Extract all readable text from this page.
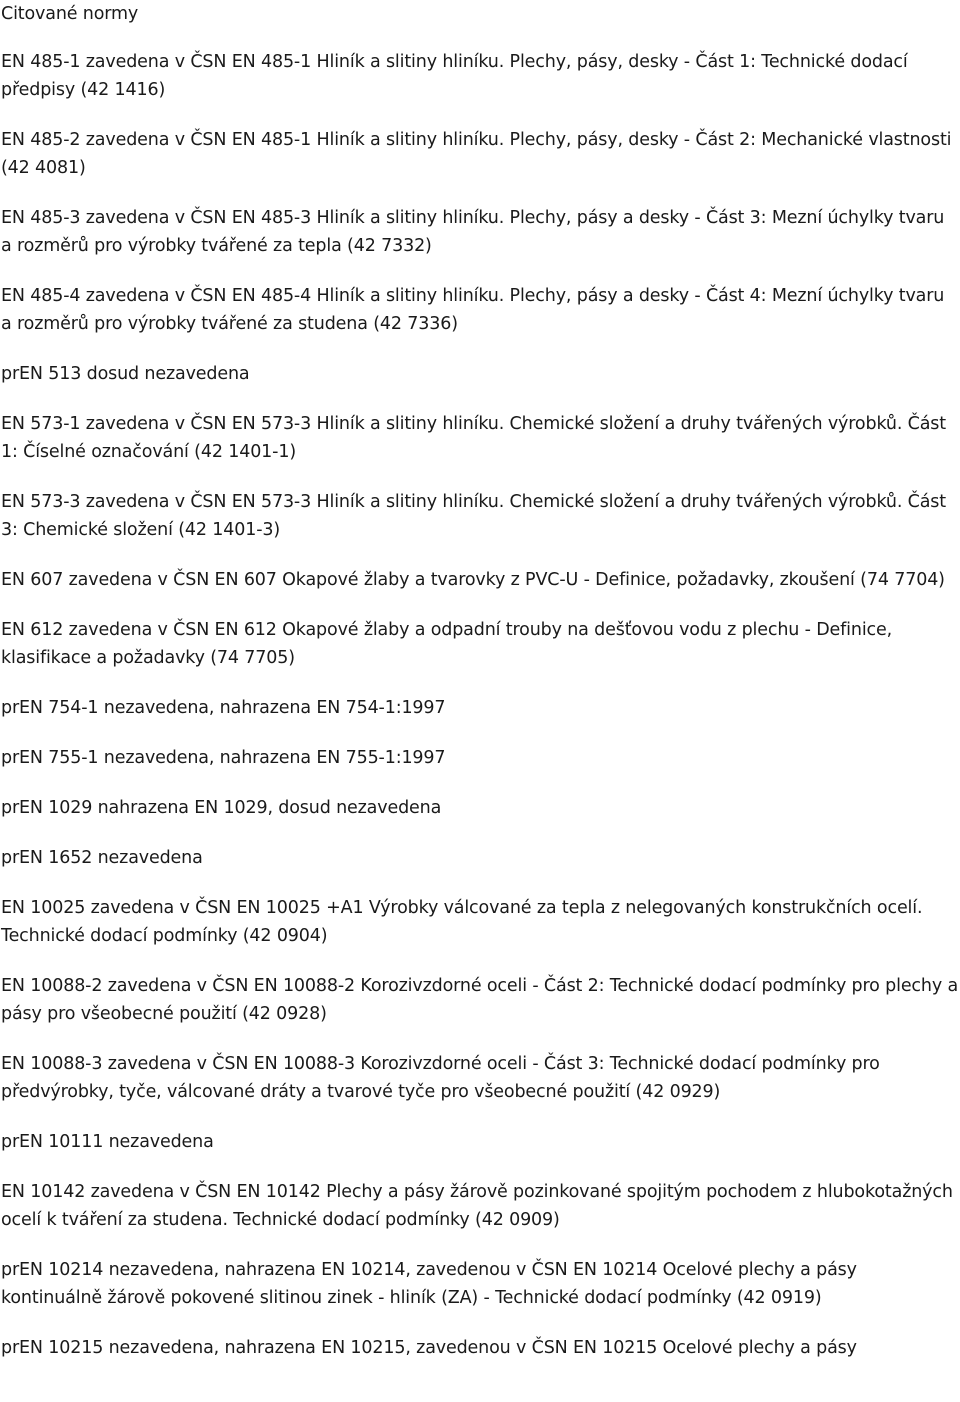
Citované normy
EN 485-1 zavedena v ČSN EN 485-1 Hliník a slitiny hliníku. Plechy, pásy, desky - Část 1: Technické dodací předpisy (42 1416)
EN 485-2 zavedena v ČSN EN 485-1 Hliník a slitiny hliníku. Plechy, pásy, desky - Část 2: Mechanické vlastnosti (42 4081)
EN 485-3 zavedena v ČSN EN 485-3 Hliník a slitiny hliníku. Plechy, pásy a desky - Část 3: Mezní úchylky tvaru a rozměrů pro výrobky tvářené za tepla (42 7332)
EN 485-4 zavedena v ČSN EN 485-4 Hliník a slitiny hliníku. Plechy, pásy a desky - Část 4: Mezní úchylky tvaru a rozměrů pro výrobky tvářené za studena (42 7336)
prEN 513 dosud nezavedena
EN 573-1 zavedena v ČSN EN 573-3 Hliník a slitiny hliníku. Chemické složení a druhy tvářených výrobků. Část 1: Číselné označování (42 1401-1)
EN 573-3 zavedena v ČSN EN 573-3 Hliník a slitiny hliníku. Chemické složení a druhy tvářených výrobků. Část 3: Chemické složení (42 1401-3)
EN 607 zavedena v ČSN EN 607 Okapové žlaby a tvarovky z PVC-U - Definice, požadavky, zkoušení (74 7704)
EN 612 zavedena v ČSN EN 612 Okapové žlaby a odpadní trouby na dešťovou vodu z plechu - Definice, klasifikace a požadavky (74 7705)
prEN 754-1 nezavedena, nahrazena EN 754-1:1997
prEN 755-1 nezavedena, nahrazena EN 755-1:1997
prEN 1029 nahrazena EN 1029, dosud nezavedena
prEN 1652 nezavedena
EN 10025 zavedena v ČSN EN 10025 +A1 Výrobky válcované za tepla z nelegovaných konstrukčních ocelí. Technické dodací podmínky (42 0904)
EN 10088-2 zavedena v ČSN EN 10088-2 Korozivzdorné oceli - Část 2: Technické dodací podmínky pro plechy a pásy pro všeobecné použití (42 0928)
EN 10088-3 zavedena v ČSN EN 10088-3 Korozivzdorné oceli - Část 3: Technické dodací podmínky pro předvýrobky, tyče, válcované dráty a tvarové tyče pro všeobecné použití (42 0929)
prEN 10111 nezavedena
EN 10142 zavedena v ČSN EN 10142 Plechy a pásy žárově pozinkované spojitým pochodem z hlubokotažných ocelí k tváření za studena. Technické dodací podmínky (42 0909)
prEN 10214 nezavedena, nahrazena EN 10214, zavedenou v ČSN EN 10214 Ocelové plechy a pásy kontinuálně žárově pokovené slitinou zinek - hliník (ZA) - Technické dodací podmínky (42 0919)
prEN 10215 nezavedena, nahrazena EN 10215, zavedenou v ČSN EN 10215 Ocelové plechy a pásy
